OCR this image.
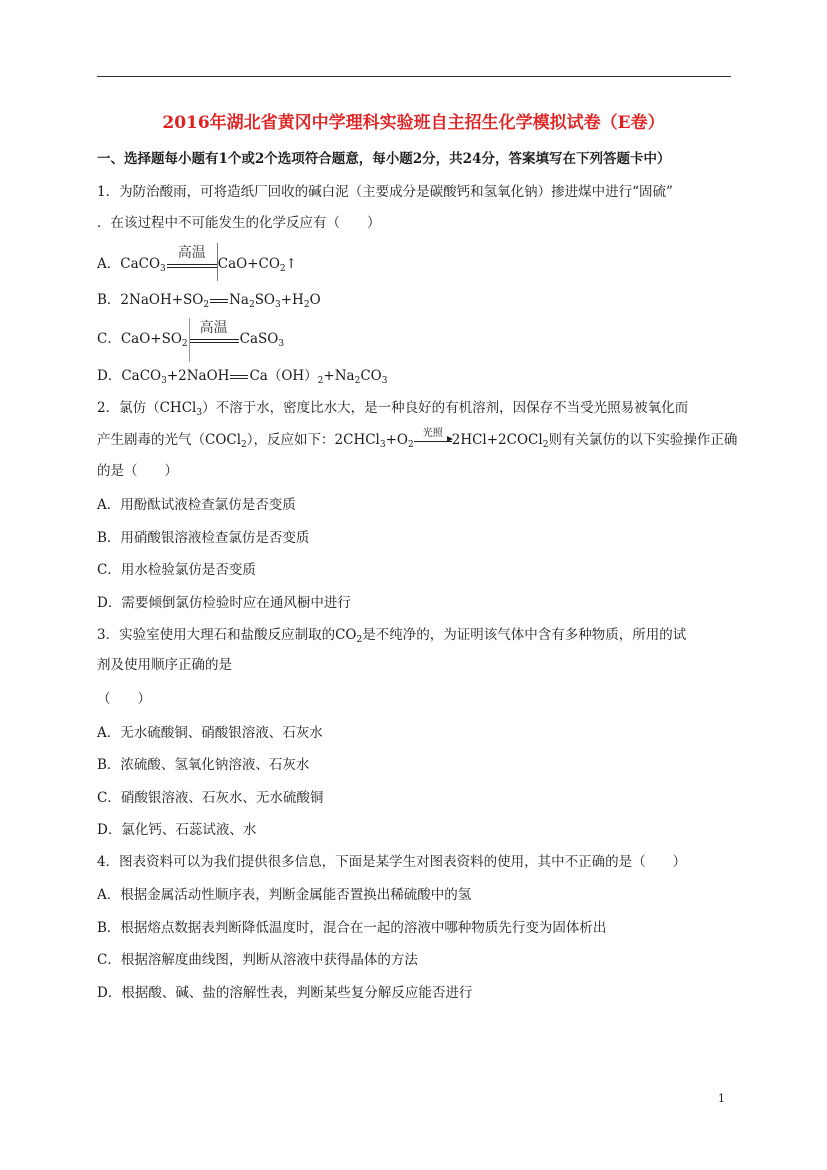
2016年湖北省黄冈中学理科实验班自主招生化学模拟试卷（E卷）
一、选择题每小题有1个或2个选项符合题意，每小题2分，共24分，答案填写在下列答题卡中）
1．为防治酸雨，可将造纸厂回收的碱白泥（主要成分是碳酸钙和氢氧化钠）掺进煤中进行“固硫”
．在该过程中不可能发生的化学反应有（　　）
A．CaCO$_3$
高温
$CaO+CO_2↑$
B．$2NaOH+SO_2$ $Na_2SO_3+H_2O$
C．$CaO+SO_2$
高温
CaSO$_3$
D．CaCO$_3$+2NaOH $Ca(OH)_2+Na_2CO_3$
2．氯仿（CHCl$_3$）不溶于水，密度比水大，是一种良好的有机溶剂，因保存不当受光照易被氧化而
产生剧毒的光气（COCl$_2$），反应如下：$2CHCl_3+O_2$
光照 2HCl+2COCl$_2$则有关氯仿的以下实验操作正确
的是（　　）
A．用酚酞试液检查氯仿是否变质
B．用硝酸银溶液检查氯仿是否变质
C．用水检验氯仿是否变质
D．需要倾倒氯仿检验时应在通风橱中进行
3．实验室使用大理石和盐酸反应制取的$CO_2$是不纯净的，为证明该气体中含有多种物质，所用的试
剂及使用顺序正确的是
（　　）
A．无水硫酸铜、硝酸银溶液、石灰水
B．浓硫酸、氢氧化钠溶液、石灰水
C．硝酸银溶液、石灰水、无水硫酸铜
D．氯化钙、石蕊试液、水
4．图表资料可以为我们提供很多信息，下面是某学生对图表资料的使用，其中不正确的是（　　）
A．根据金属活动性顺序表，判断金属能否置换出稀硫酸中的氢
B．根据熔点数据表判断降低温度时，混合在一起的溶液中哪种物质先行变为固体析出
C．根据溶解度曲线图，判断从溶液中获得晶体的方法
D．根据酸、碱、盐的溶解性表，判断某些复分解反应能否进行
1
